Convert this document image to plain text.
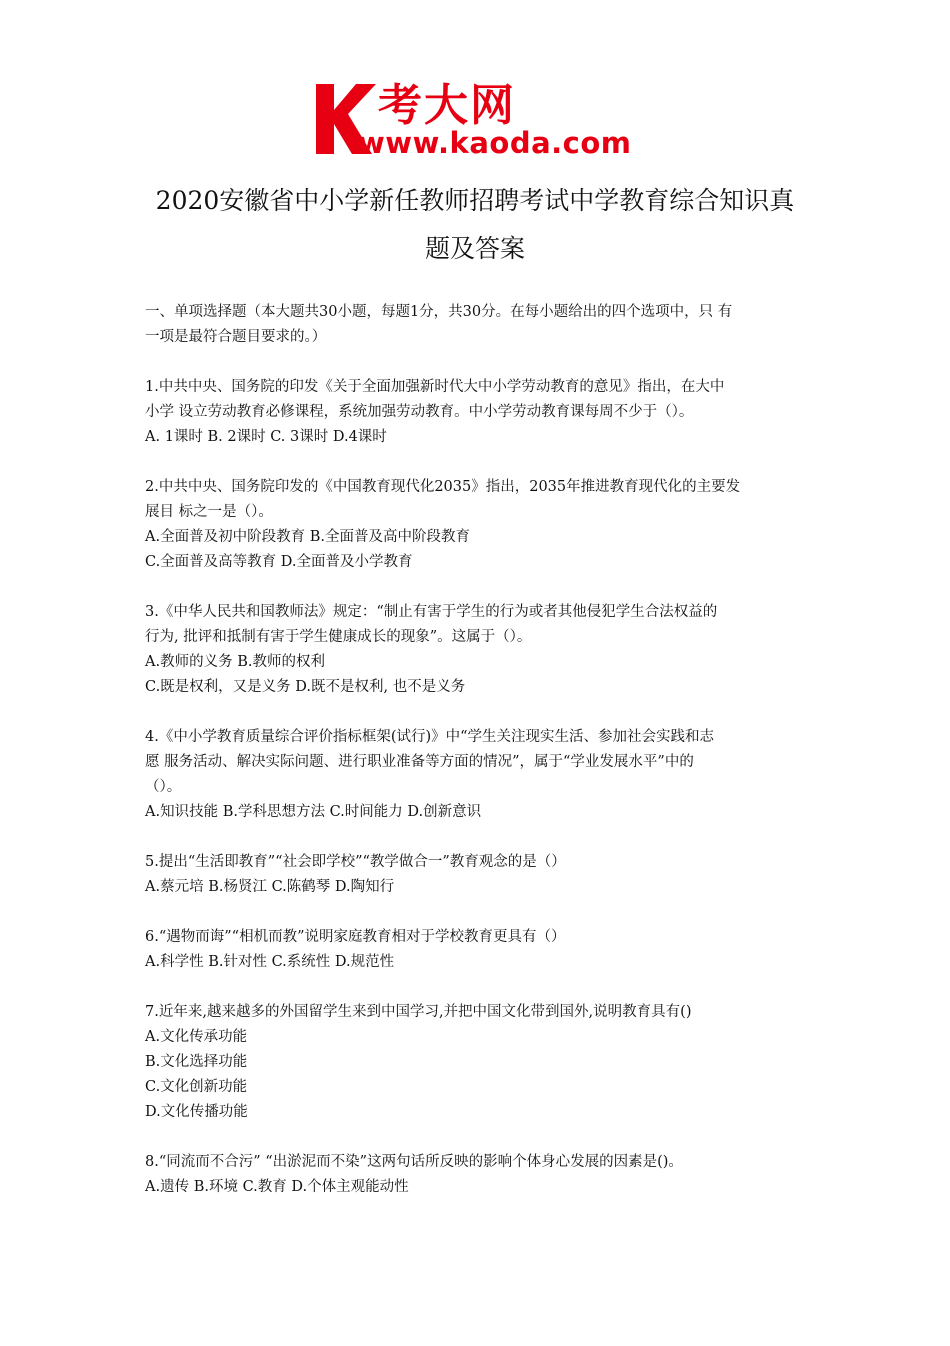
考大网
www.kaoda.com
2020安徽省中小学新任教师招聘考试中学教育综合知识真
题及答案

一、单项选择题（本大题共30小题，每题1分，共30分。在每小题给出的四个选项中，只 有

一项是最符合题目要求的。）

1.中共中央、国务院的印发《关于全面加强新时代大中小学劳动教育的意见》指出，在大中

小学 设立劳动教育必修课程，系统加强劳动教育。中小学劳动教育课每周不少于（）。

A. 1课时 B. 2课时 C. 3课时 D.4课时

2.中共中央、国务院印发的《中国教育现代化2035》指出，2035年推进教育现代化的主要发

展目 标之一是（）。

A.全面普及初中阶段教育 B.全面普及高中阶段教育

C.全面普及高等教育 D.全面普及小学教育

3.《中华人民共和国教师法》规定：“制止有害于学生的行为或者其他侵犯学生合法权益的

行为, 批评和抵制有害于学生健康成长的现象”。这属于（）。

A.教师的义务 B.教师的权利

C.既是权利，又是义务 D.既不是权利, 也不是义务

4.《中小学教育质量综合评价指标框架(试行)》中“学生关注现实生活、参加社会实践和志

愿 服务活动、解决实际问题、进行职业准备等方面的情况”，属于“学业发展水平”中的

（）。

A.知识技能 B.学科思想方法 C.时间能力 D.创新意识

5.提出“生活即教育”“社会即学校”“教学做合一”教育观念的是（）

A.蔡元培 B.杨贤江 C.陈鹤琴 D.陶知行

6.“遇物而诲”“相机而教”说明家庭教育相对于学校教育更具有（）

A.科学性 B.针对性 C.系统性 D.规范性

7.近年来,越来越多的外国留学生来到中国学习,并把中国文化带到国外,说明教育具有()

A.文化传承功能

B.文化选择功能

C.文化创新功能

D.文化传播功能

8.“同流而不合污” “出淤泥而不染”这两句话所反映的影响个体身心发展的因素是()。

A.遗传 B.环境 C.教育 D.个体主观能动性
